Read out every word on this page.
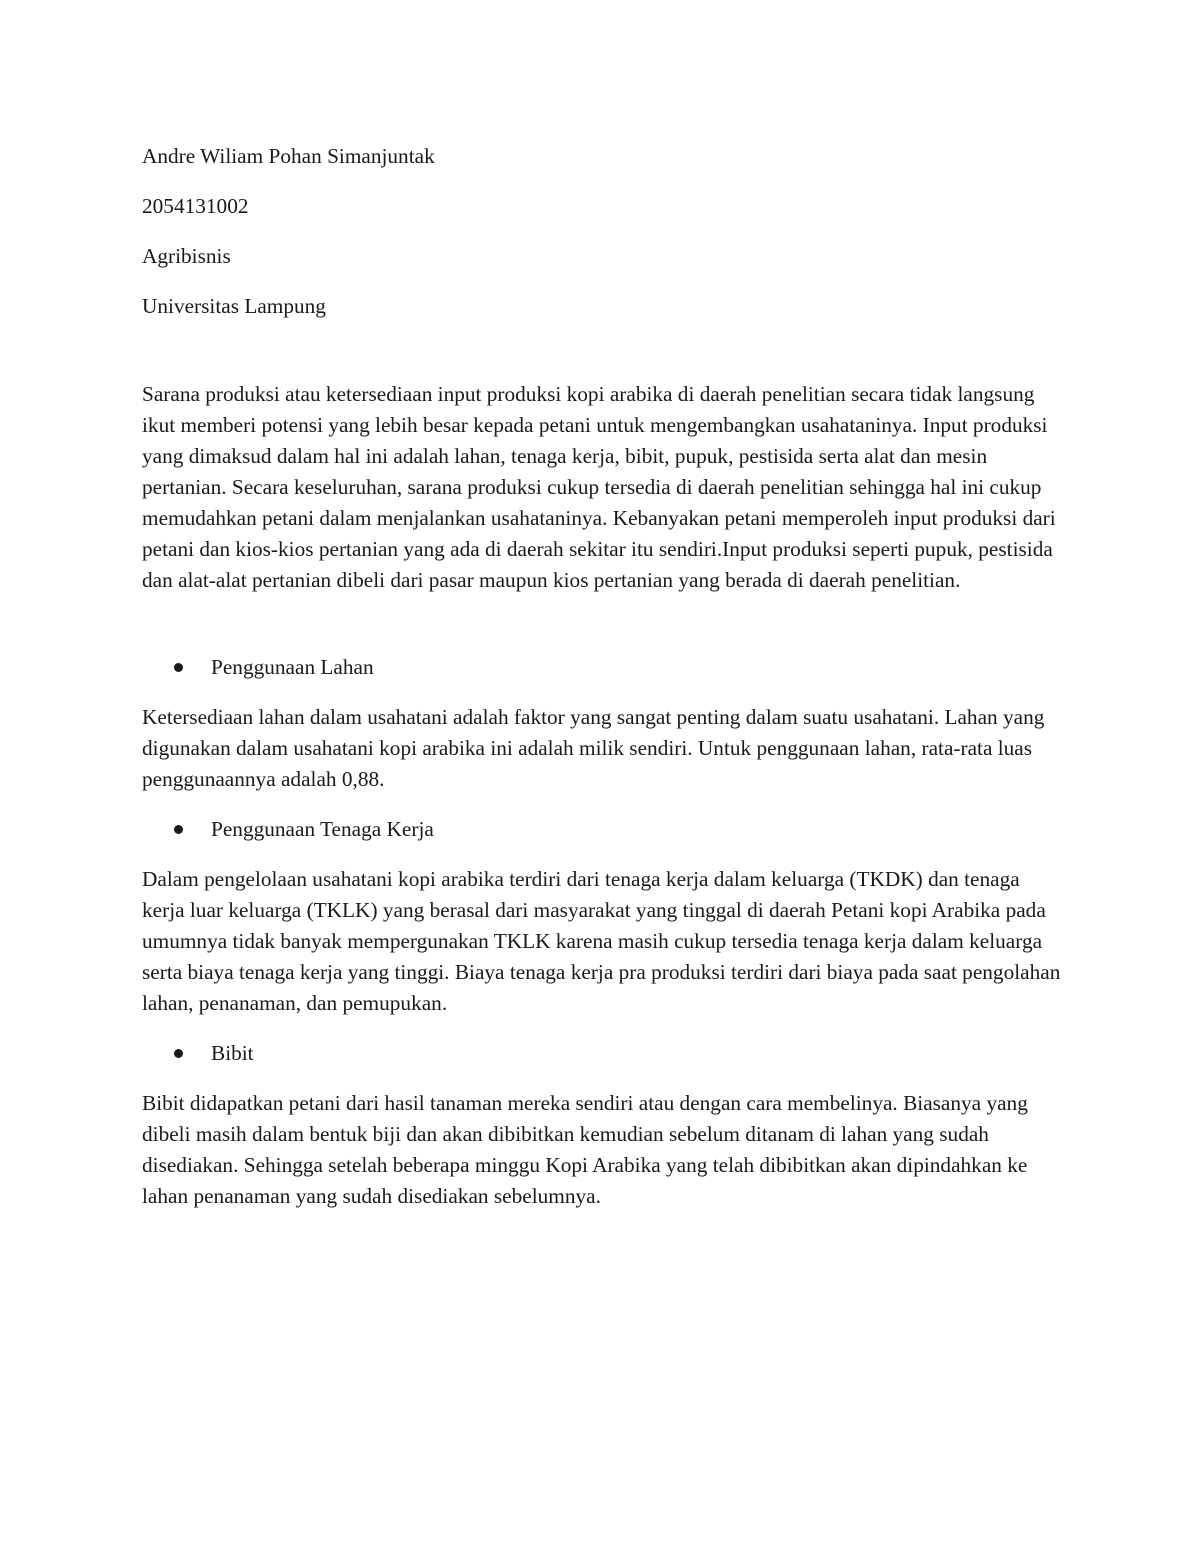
Andre Wiliam Pohan Simanjuntak

2054131002

Agribisnis

Universitas Lampung

Sarana produksi atau ketersediaan input produksi kopi arabika di daerah penelitian secara tidak langsung ikut memberi potensi yang lebih besar kepada petani untuk mengembangkan usahataninya. Input produksi yang dimaksud dalam hal ini adalah lahan, tenaga kerja, bibit, pupuk, pestisida serta alat dan mesin pertanian. Secara keseluruhan, sarana produksi cukup tersedia di daerah penelitian sehingga hal ini cukup memudahkan petani dalam menjalankan usahataninya. Kebanyakan petani memperoleh input produksi dari petani dan kios-kios pertanian yang ada di daerah sekitar itu sendiri.Input produksi seperti pupuk, pestisida dan alat-alat pertanian dibeli dari pasar maupun kios pertanian yang berada di daerah penelitian.

Penggunaan Lahan

Ketersediaan lahan dalam usahatani adalah faktor yang sangat penting dalam suatu usahatani. Lahan yang digunakan dalam usahatani kopi arabika ini adalah milik sendiri. Untuk penggunaan lahan, rata-rata luas penggunaannya adalah 0,88.

Penggunaan Tenaga Kerja

Dalam pengelolaan usahatani kopi arabika terdiri dari tenaga kerja dalam keluarga (TKDK) dan tenaga kerja luar keluarga (TKLK) yang berasal dari masyarakat yang tinggal di daerah Petani kopi Arabika pada umumnya tidak banyak mempergunakan TKLK karena masih cukup tersedia tenaga kerja dalam keluarga serta biaya tenaga kerja yang tinggi. Biaya tenaga kerja pra produksi terdiri dari biaya pada saat pengolahan lahan, penanaman, dan pemupukan.

Bibit

Bibit didapatkan petani dari hasil tanaman mereka sendiri atau dengan cara membelinya. Biasanya yang dibeli masih dalam bentuk biji dan akan dibibitkan kemudian sebelum ditanam di lahan yang sudah disediakan. Sehingga setelah beberapa minggu Kopi Arabika yang telah dibibitkan akan dipindahkan ke lahan penanaman yang sudah disediakan sebelumnya.
